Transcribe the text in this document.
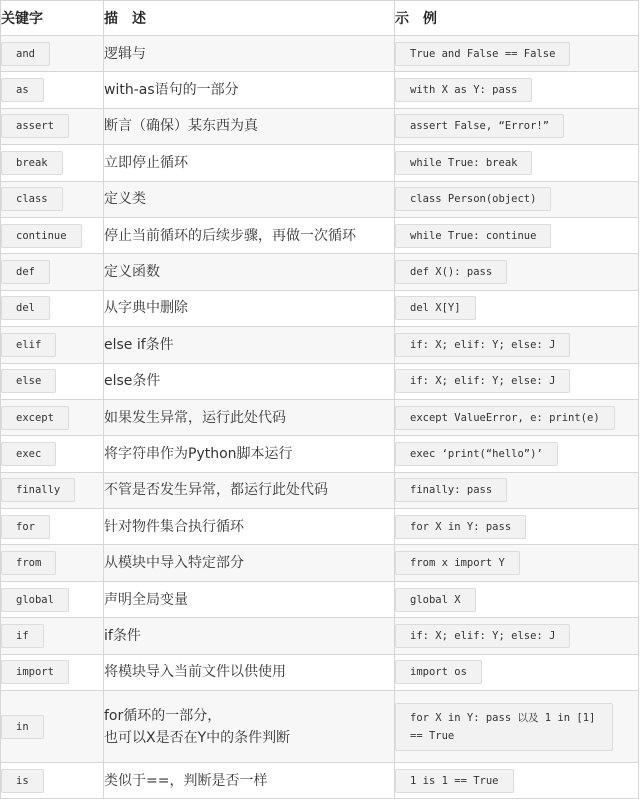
关键字	描述	示例
and	逻辑与	True and False == False
as	with-as语句的一部分	with X as Y: pass
assert	断言（确保）某东西为真	assert False, “Error!”
break	立即停止循环	while True: break
class	定义类	class Person(object)
continue	停止当前循环的后续步骤，再做一次循环	while True: continue
def	定义函数	def X(): pass
del	从字典中删除	del X[Y]
elif	else if条件	if: X; elif: Y; else: J
else	else条件	if: X; elif: Y; else: J
except	如果发生异常，运行此处代码	except ValueError, e: print(e)
exec	将字符串作为Python脚本运行	exec ‘print(“hello”)’
finally	不管是否发生异常，都运行此处代码	finally: pass
for	针对物件集合执行循环	for X in Y: pass
from	从模块中导入特定部分	from x import Y
global	声明全局变量	global X
if	if条件	if: X; elif: Y; else: J
import	将模块导入当前文件以供使用	import os
in	for循环的一部分，
也可以X是否在Y中的条件判断	for X in Y: pass 以及 1 in [1] == True
is	类似于==，判断是否一样	1 is 1 == True
